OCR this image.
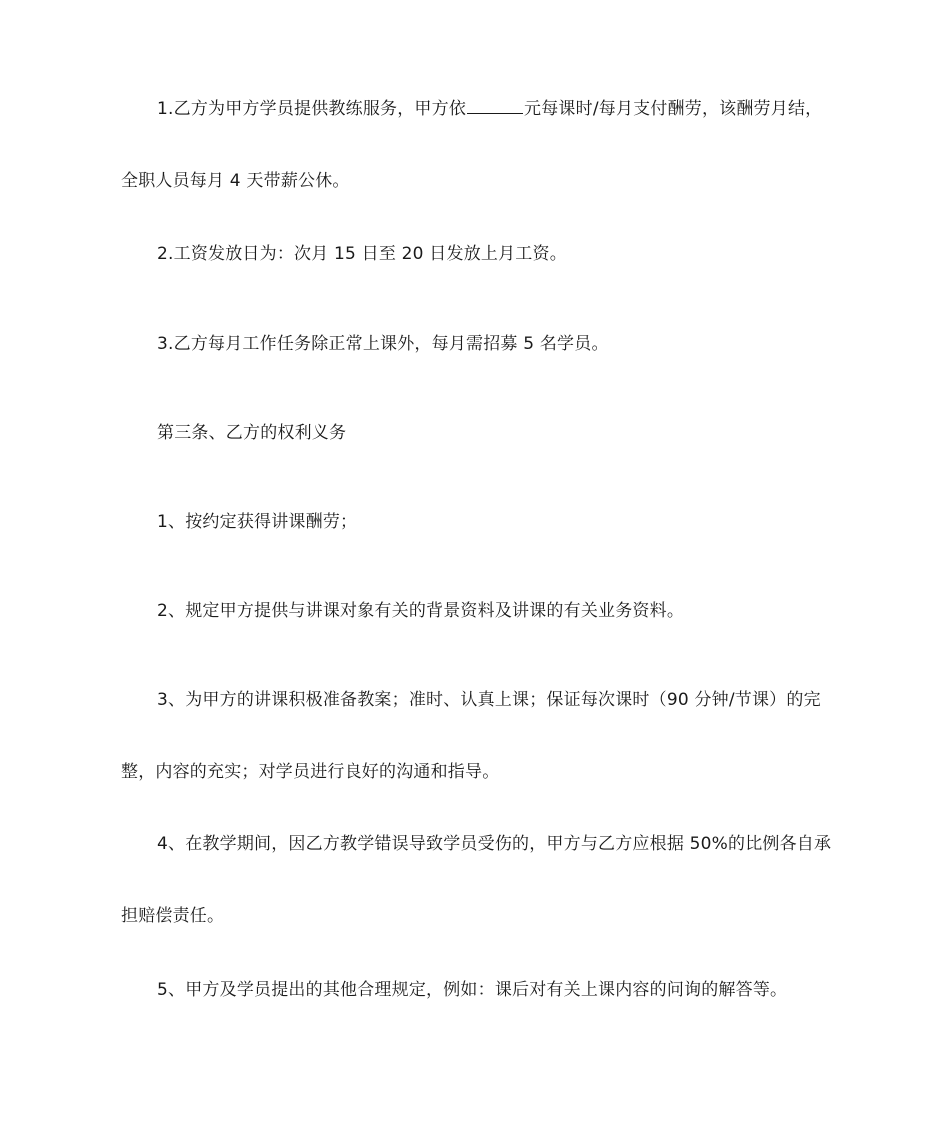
1.乙方为甲方学员提供教练服务，甲方依	元每课时/每月支付酬劳，该酬劳月结，全职人员每月 4 天带薪公休。

2.工资发放日为：次月 15 日至 20 日发放上月工资。

3.乙方每月工作任务除正常上课外，每月需招募 5 名学员。

第三条、乙方的权利义务

1、按约定获得讲课酬劳；

2、规定甲方提供与讲课对象有关的背景资料及讲课的有关业务资料。

3、为甲方的讲课积极准备教案；准时、认真上课；保证每次课时（90 分钟/节课）的完整，内容的充实；对学员进行良好的沟通和指导。

4、在教学期间，因乙方教学错误导致学员受伤的，甲方与乙方应根据 50%的比例各自承担赔偿责任。

5、甲方及学员提出的其他合理规定，例如：课后对有关上课内容的问询的解答等。
